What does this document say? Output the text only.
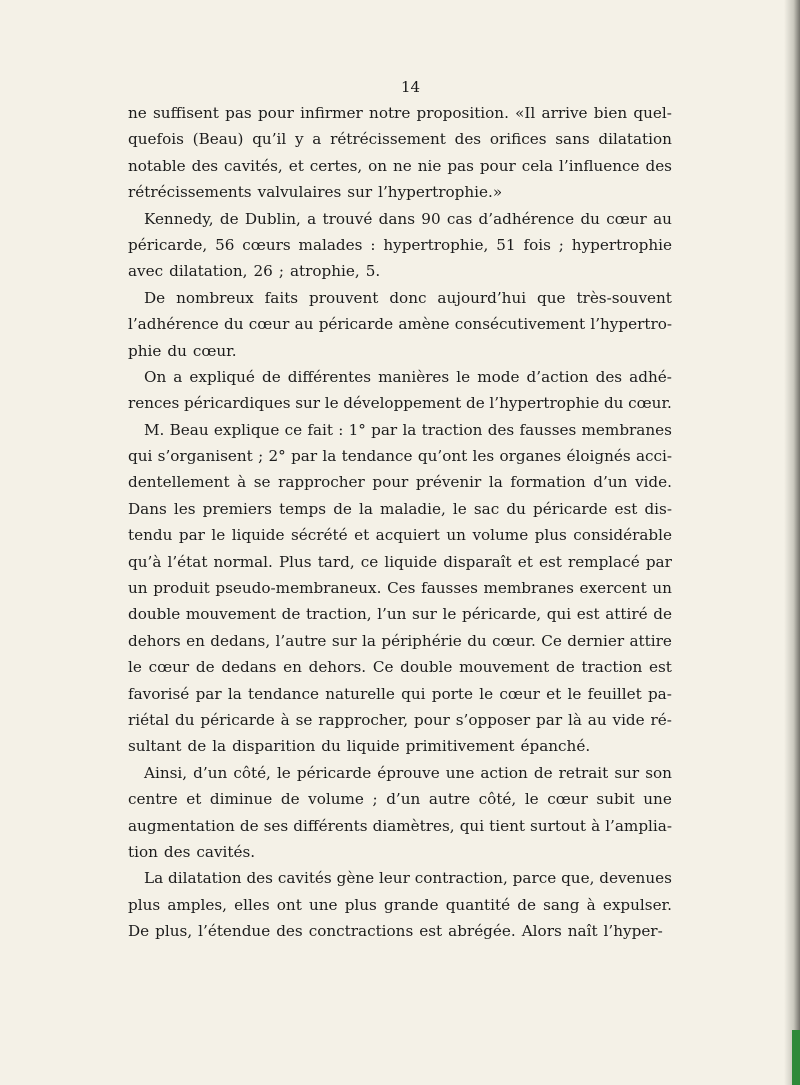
14

ne suffisent pas pour infirmer notre proposition. «Il arrive bien quel-
quefois (Beau) qu’il y a rétrécissement des orifices sans dilatation
notable des cavités, et certes, on ne nie pas pour cela l’influence des
rétrécissements valvulaires sur l’hypertrophie.»
Kennedy, de Dublin, a trouvé dans 90 cas d’adhérence du cœur au
péricarde, 56 cœurs malades : hypertrophie, 51 fois ; hypertrophie
avec dilatation, 26 ; atrophie, 5.
De nombreux faits prouvent donc aujourd’hui que très-souvent
l’adhérence du cœur au péricarde amène consécutivement l’hypertro-
phie du cœur.
On a expliqué de différentes manières le mode d’action des adhé-
rences péricardiques sur le développement de l’hypertrophie du cœur.
M. Beau explique ce fait : 1° par la traction des fausses membranes
qui s’organisent ; 2° par la tendance qu’ont les organes éloignés acci-
dentellement à se rapprocher pour prévenir la formation d’un vide.
Dans les premiers temps de la maladie, le sac du péricarde est dis-
tendu par le liquide sécrété et acquiert un volume plus considérable
qu’à l’état normal. Plus tard, ce liquide disparaît et est remplacé par
un produit pseudo-membraneux. Ces fausses membranes exercent un
double mouvement de traction, l’un sur le péricarde, qui est attiré de
dehors en dedans, l’autre sur la périphérie du cœur. Ce dernier attire
le cœur de dedans en dehors. Ce double mouvement de traction est
favorisé par la tendance naturelle qui porte le cœur et le feuillet pa-
riétal du péricarde à se rapprocher, pour s’opposer par là au vide ré-
sultant de la disparition du liquide primitivement épanché.
Ainsi, d’un côté, le péricarde éprouve une action de retrait sur son
centre et diminue de volume ; d’un autre côté, le cœur subit une
augmentation de ses différents diamètres, qui tient surtout à l’amplia-
tion des cavités.
La dilatation des cavités gène leur contraction, parce que, devenues
plus amples, elles ont une plus grande quantité de sang à expulser.
De plus, l’étendue des conctractions est abrégée. Alors naît l’hyper-
